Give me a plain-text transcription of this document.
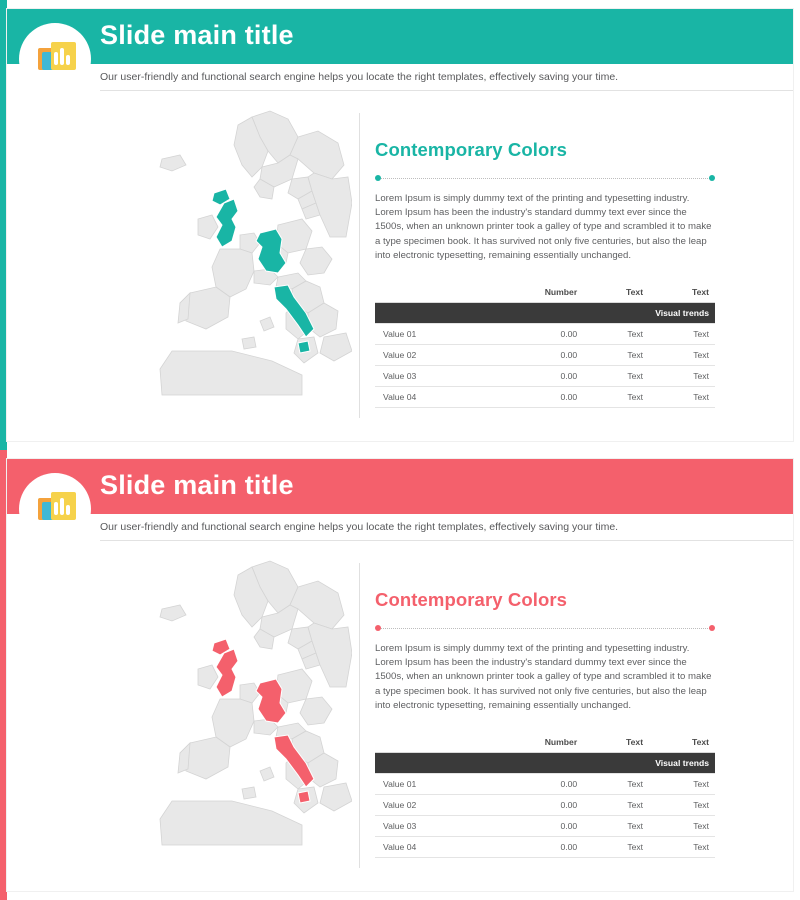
Slide main title
Our user-friendly and functional search engine helps you locate the right templates, effectively saving your time.
Contemporary Colors

Lorem Ipsum is simply dummy text of the printing and typesetting industry. Lorem Ipsum has been the industry's standard dummy text ever since the 1500s, when an unknown printer took a galley of type and scrambled it to make a type specimen book. It has survived not only five centuries, but also the leap into electronic typesetting, remaining essentially unchanged.

	Number	Text	Text
Visual trends			
Value 01	0.00	Text	Text
Value 02	0.00	Text	Text
Value 03	0.00	Text	Text
Value 04	0.00	Text	Text
Slide main title
Our user-friendly and functional search engine helps you locate the right templates, effectively saving your time.
Contemporary Colors

Lorem Ipsum is simply dummy text of the printing and typesetting industry. Lorem Ipsum has been the industry's standard dummy text ever since the 1500s, when an unknown printer took a galley of type and scrambled it to make a type specimen book. It has survived not only five centuries, but also the leap into electronic typesetting, remaining essentially unchanged.

	Number	Text	Text
Visual trends			
Value 01	0.00	Text	Text
Value 02	0.00	Text	Text
Value 03	0.00	Text	Text
Value 04	0.00	Text	Text
